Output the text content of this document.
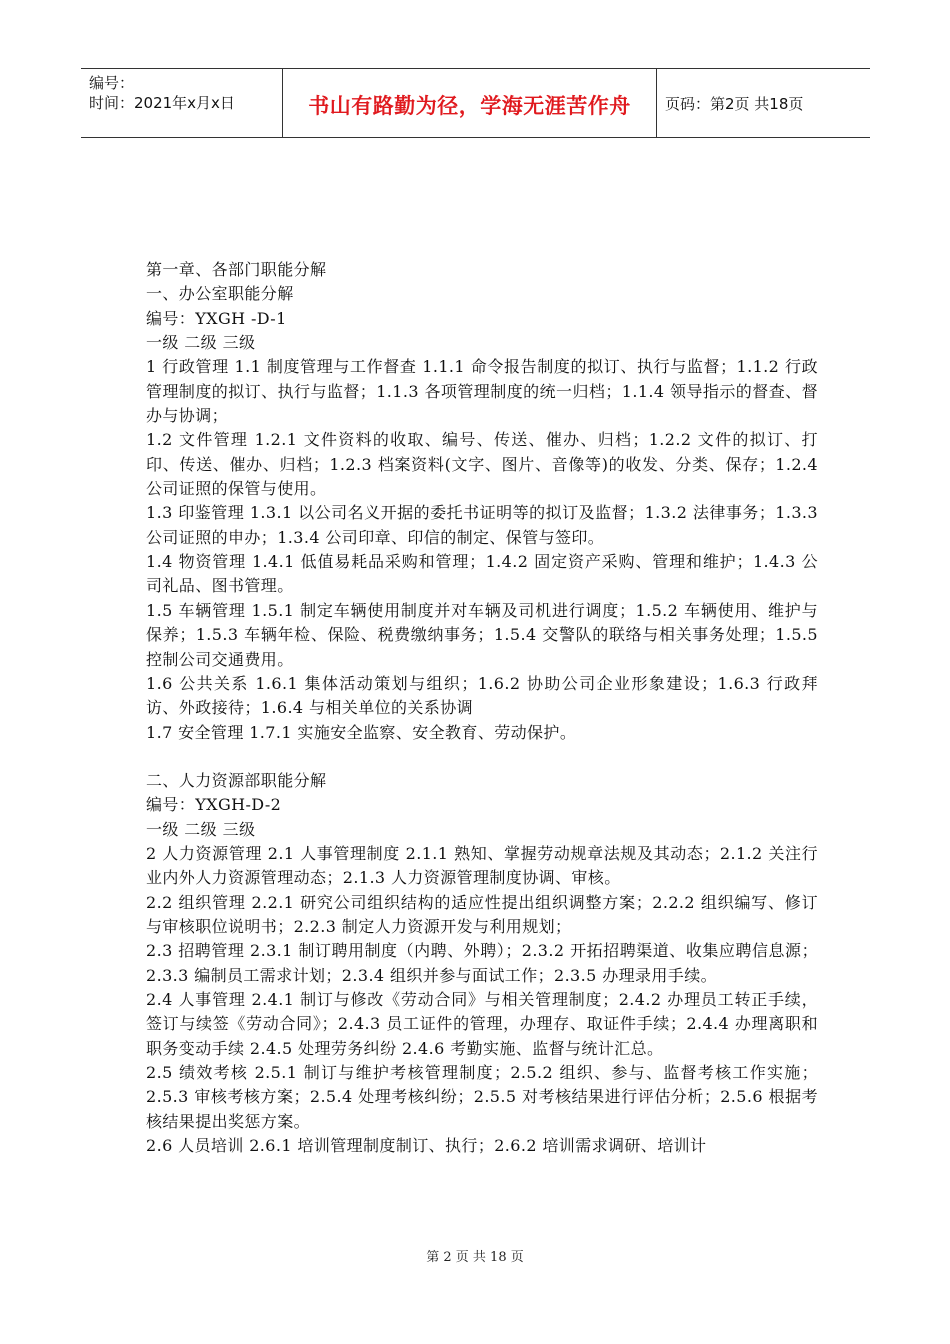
编号：
时间：2021年x月x日	书山有路勤为径，学海无涯苦作舟	页码：第2页 共18页

第一章、各部门职能分解

一、办公室职能分解

编号：YXGH -D-1

一级 二级 三级

1 行政管理 1.1 制度管理与工作督查 1.1.1 命令报告制度的拟订、执行与监督；1.1.2 行政管理制度的拟订、执行与监督；1.1.3 各项管理制度的统一归档；1.1.4 领导指示的督查、督办与协调；

1.2 文件管理 1.2.1 文件资料的收取、编号、传送、催办、归档；1.2.2 文件的拟订、打印、传送、催办、归档；1.2.3 档案资料(文字、图片、音像等)的收发、分类、保存；1.2.4 公司证照的保管与使用。

1.3 印鉴管理 1.3.1 以公司名义开据的委托书证明等的拟订及监督；1.3.2 法律事务；1.3.3 公司证照的申办；1.3.4 公司印章、印信的制定、保管与签印。

1.4 物资管理 1.4.1 低值易耗品采购和管理；1.4.2 固定资产采购、管理和维护；1.4.3 公司礼品、图书管理。

1.5 车辆管理 1.5.1 制定车辆使用制度并对车辆及司机进行调度；1.5.2 车辆使用、维护与保养；1.5.3 车辆年检、保险、税费缴纳事务；1.5.4 交警队的联络与相关事务处理；1.5.5 控制公司交通费用。

1.6 公共关系 1.6.1 集体活动策划与组织；1.6.2 协助公司企业形象建设；1.6.3 行政拜访、外政接待；1.6.4 与相关单位的关系协调

1.7 安全管理 1.7.1 实施安全监察、安全教育、劳动保护。

二、人力资源部职能分解

编号：YXGH-D-2

一级 二级 三级

2 人力资源管理 2.1 人事管理制度 2.1.1 熟知、掌握劳动规章法规及其动态；2.1.2 关注行业内外人力资源管理动态；2.1.3 人力资源管理制度协调、审核。

2.2 组织管理 2.2.1 研究公司组织结构的适应性提出组织调整方案；2.2.2 组织编写、修订与审核职位说明书；2.2.3 制定人力资源开发与利用规划；

2.3 招聘管理 2.3.1 制订聘用制度（内聘、外聘）；2.3.2 开拓招聘渠道、收集应聘信息源；2.3.3 编制员工需求计划；2.3.4 组织并参与面试工作；2.3.5 办理录用手续。

2.4 人事管理 2.4.1 制订与修改《劳动合同》与相关管理制度；2.4.2 办理员工转正手续，签订与续签《劳动合同》；2.4.3 员工证件的管理，办理存、取证件手续；2.4.4 办理离职和职务变动手续 2.4.5 处理劳务纠纷 2.4.6 考勤实施、监督与统计汇总。

2.5 绩效考核 2.5.1 制订与维护考核管理制度；2.5.2 组织、参与、监督考核工作实施；2.5.3 审核考核方案；2.5.4 处理考核纠纷；2.5.5 对考核结果进行评估分析；2.5.6 根据考核结果提出奖惩方案。

2.6 人员培训 2.6.1 培训管理制度制订、执行；2.6.2 培训需求调研、培训计

第 2 页 共 18 页
